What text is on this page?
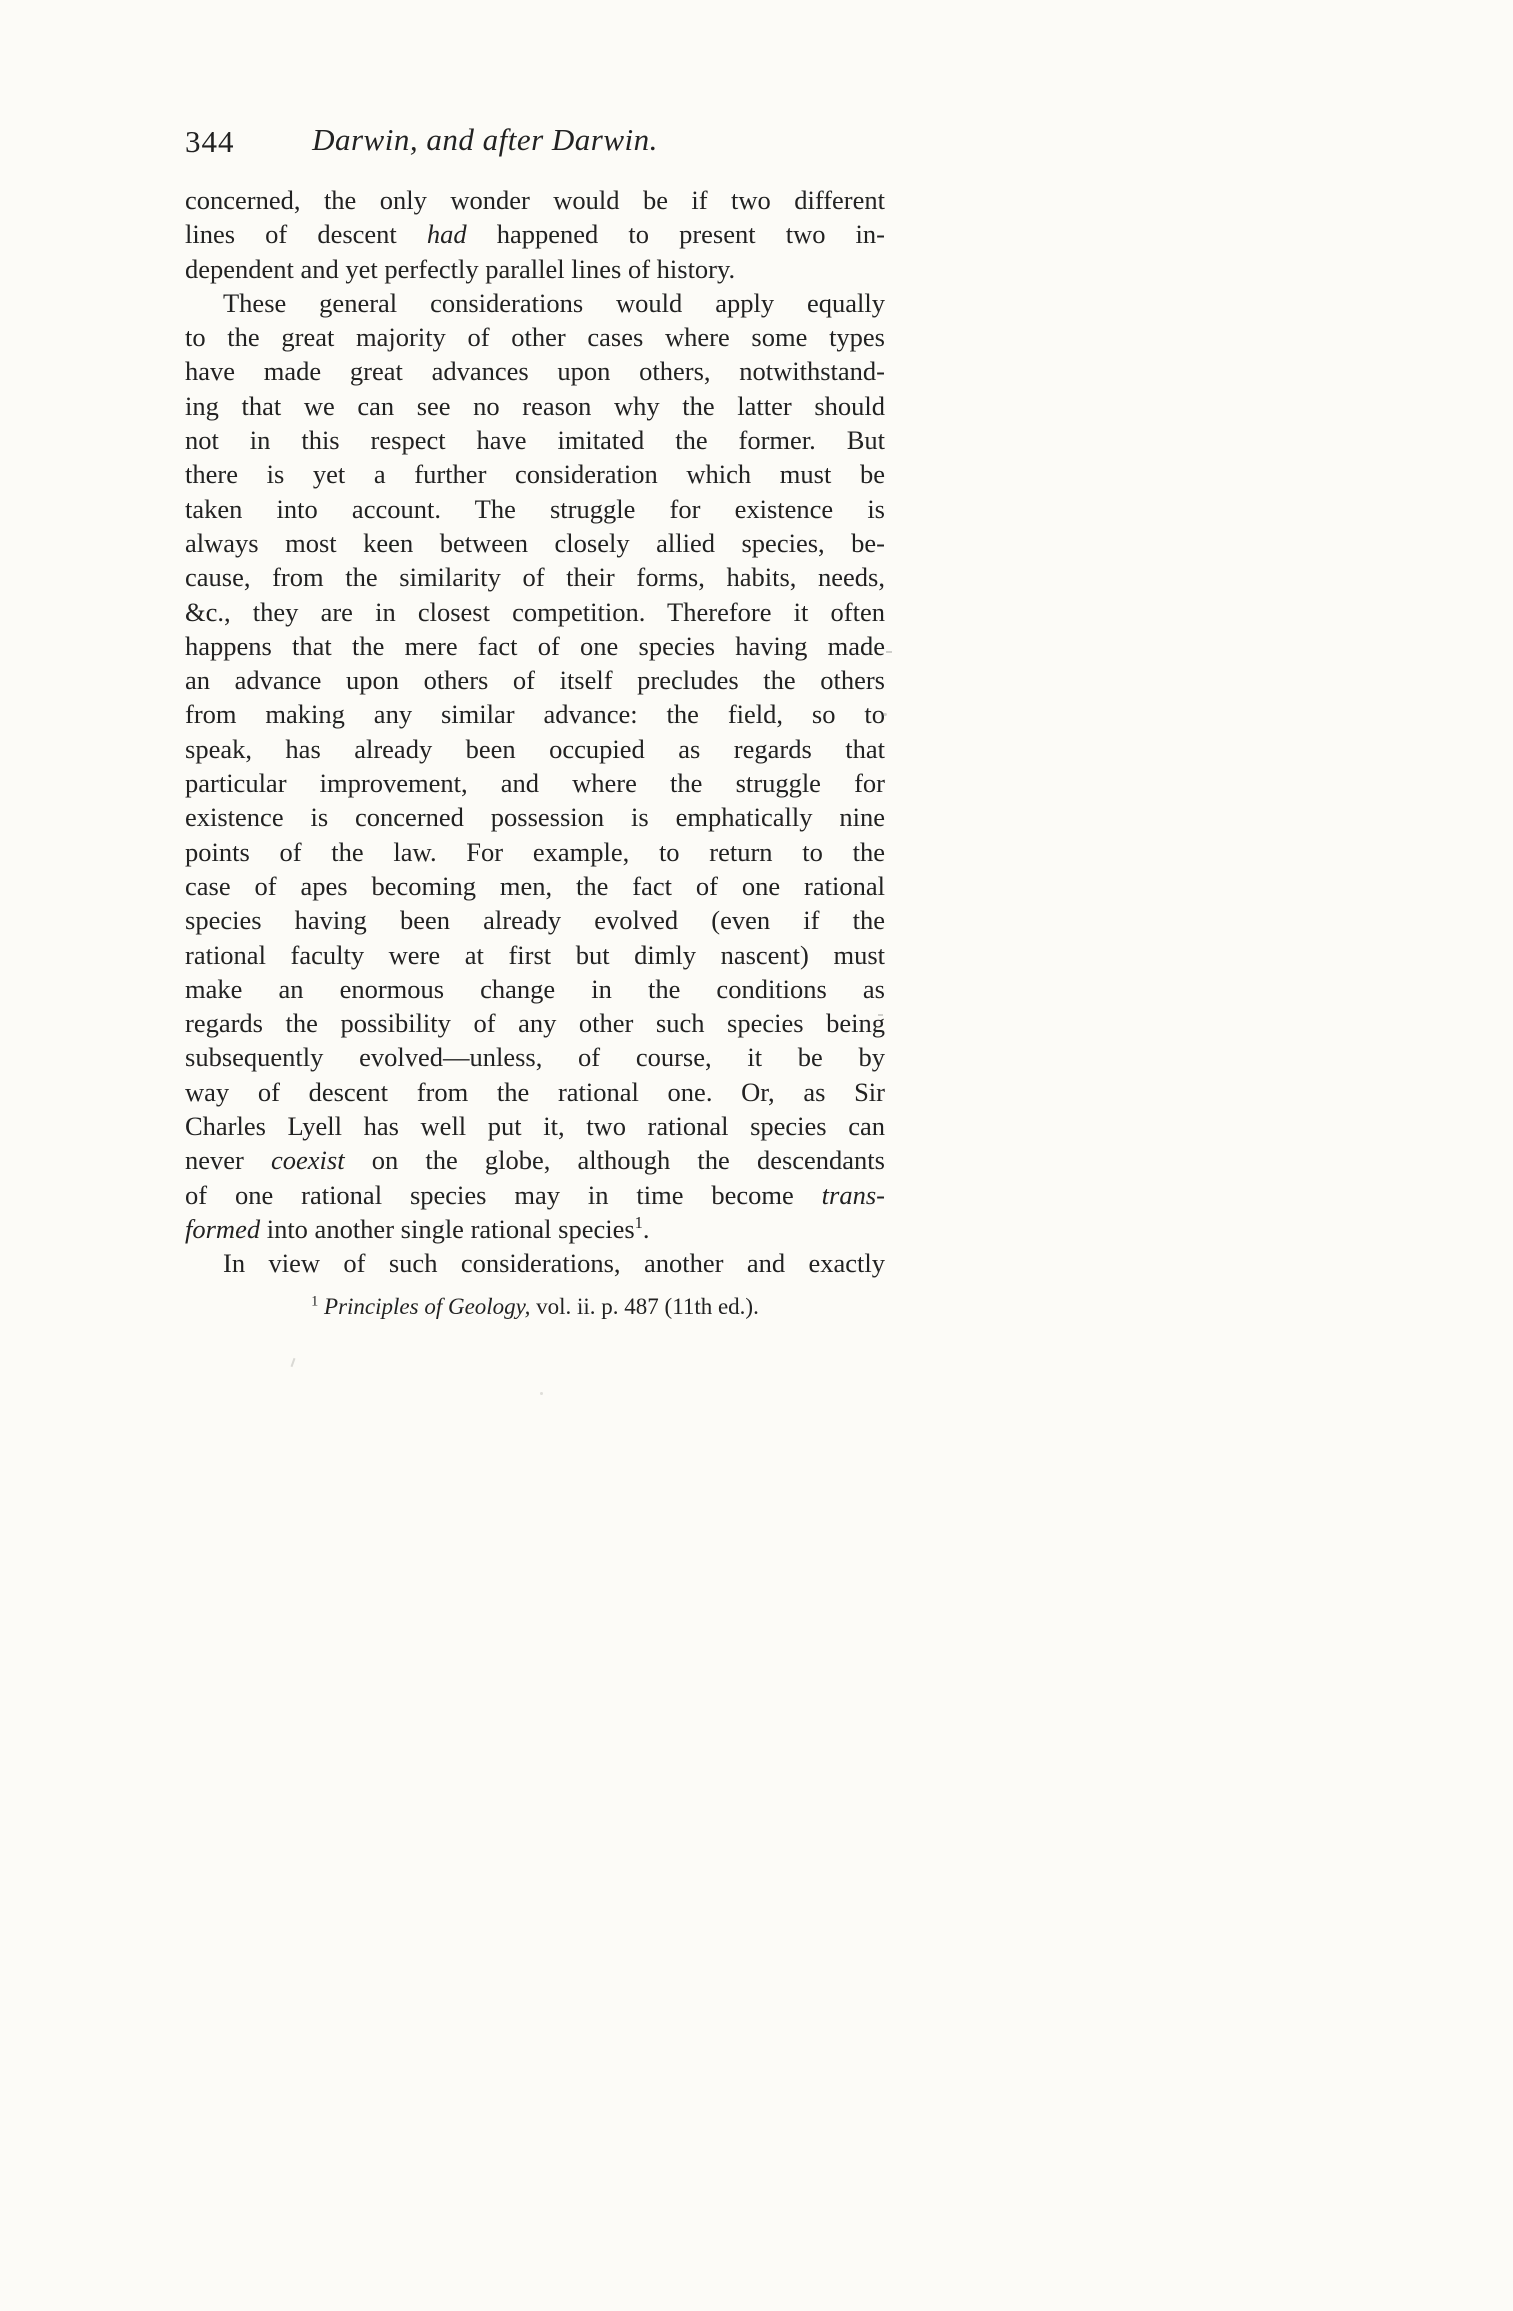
344	Darwin, and after Darwin.
concerned, the only wonder would be if two different
lines of descent had happened to present two in-
dependent and yet perfectly parallel lines of history.
These general considerations would apply equally
to the great majority of other cases where some types
have made great advances upon others, notwithstand-
ing that we can see no reason why the latter should
not in this respect have imitated the former. But
there is yet a further consideration which must be
taken into account. The struggle for existence is
always most keen between closely allied species, be-
cause, from the similarity of their forms, habits, needs,
&c., they are in closest competition. Therefore it often
happens that the mere fact of one species having made
an advance upon others of itself precludes the others
from making any similar advance: the field, so to
speak, has already been occupied as regards that
particular improvement, and where the struggle for
existence is concerned possession is emphatically nine
points of the law. For example, to return to the
case of apes becoming men, the fact of one rational
species having been already evolved (even if the
rational faculty were at first but dimly nascent) must
make an enormous change in the conditions as
regards the possibility of any other such species being
subsequently evolved—unless, of course, it be by
way of descent from the rational one. Or, as Sir
Charles Lyell has well put it, two rational species can
never coexist on the globe, although the descendants
of one rational species may in time become trans-
formed into another single rational species$^1$.
In view of such considerations, another and exactly
$^1$ Principles of Geology, vol. ii. p. 487 (11th ed.).
